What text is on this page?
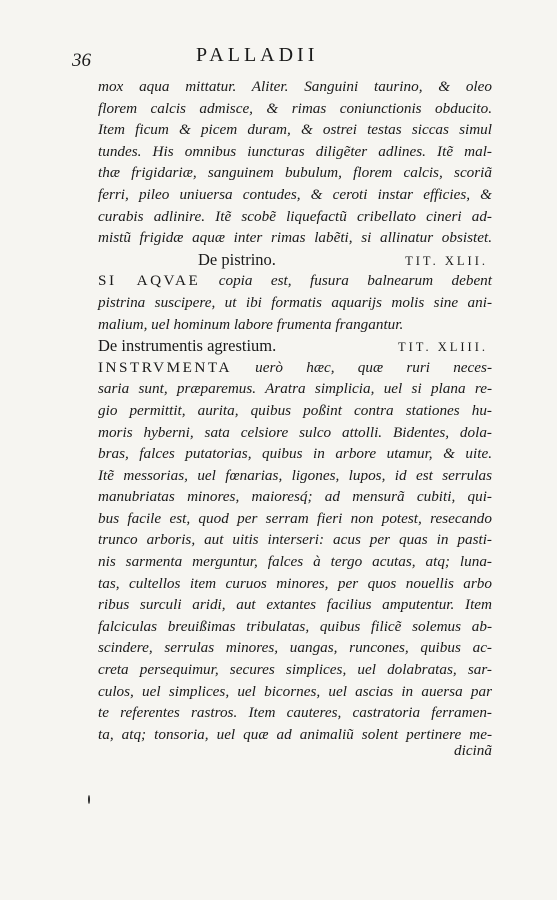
36	PALLADII
mox aqua mittatur. Aliter. Sanguini taurino, & oleo
florem calcis admisce, & rimas coniunctionis obducito.
Item ficum & picem duram, & ostrei testas siccas simul
tundes. His omnibus iuncturas diligẽter adlines. Itẽ mal-
thæ frigidariæ, sanguinem bubulum, florem calcis, scoriã
ferri, pileo uniuersa contudes, & ceroti instar efficies, &
curabis adlinire. Itẽ scobẽ liquefactũ cribellato cineri ad-
mistũ frigidæ aquæ inter rimas labẽti, si allinatur obsistet.
De pistrino.	TIT. XLII.
SI AQVAE copia est, fusura balnearum debent
pistrina suscipere, ut ibi formatis aquarijs molis sine ani-
malium, uel hominum labore frumenta frangantur.
De instrumentis agrestium.	TIT. XLIII.
INSTRVMENTA uerò hæc, quæ ruri neces-
saria sunt, præparemus. Aratra simplicia, uel si plana re-
gio permittit, aurita, quibus poßint contra stationes hu-
moris hyberni, sata celsiore sulco attolli. Bidentes, dola-
bras, falces putatorias, quibus in arbore utamur, & uite.
Itẽ messorias, uel fœnarias, ligones, lupos, id est serrulas
manubriatas minores, maioresq́; ad mensurã cubiti, qui-
bus facile est, quod per serram fieri non potest, resecando
trunco arboris, aut uitis interseri: acus per quas in pasti-
nis sarmenta merguntur, falces à tergo acutas, atq; luna-
tas, cultellos item curuos minores, per quos nouellis arbo
ribus surculi aridi, aut extantes facilius amputentur. Item
falciculas breuißimas tribulatas, quibus filicẽ solemus ab-
scindere, serrulas minores, uangas, runcones, quibus ac-
creta persequimur, secures simplices, uel dolabratas, sar-
culos, uel simplices, uel bicornes, uel ascias in auersa par
te referentes rastros. Item cauteres, castratoria ferramen-
ta, atq; tonsoria, uel quæ ad animaliũ solent pertinere me-
dicinã
